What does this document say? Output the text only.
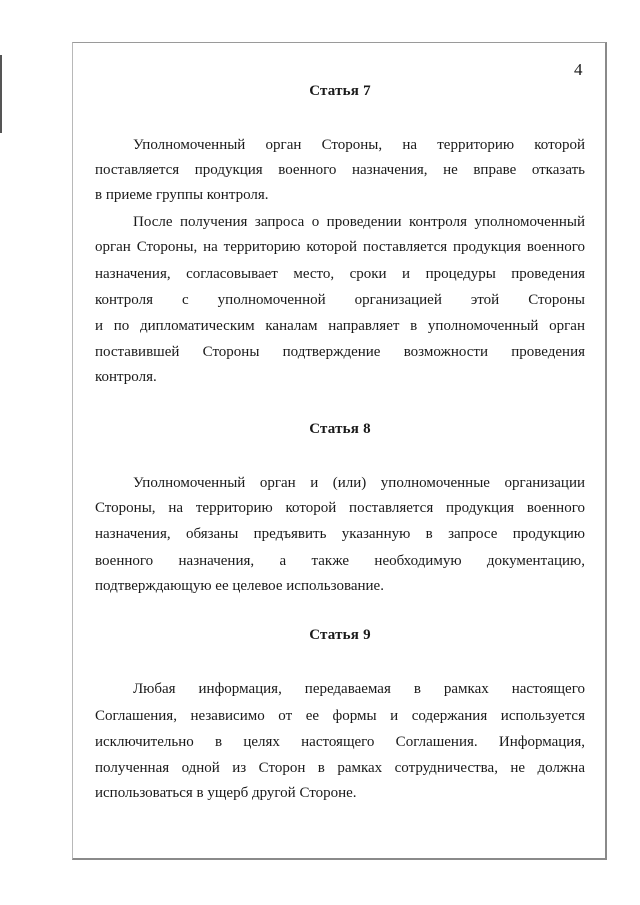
4
Статья 7
Уполномоченный орган Стороны, на территорию которой
поставляется продукция военного назначения, не вправе отказать
в приеме группы контроля.
После получения запроса о проведении контроля уполномоченный
орган Стороны, на территорию которой поставляется продукция военного
назначения, согласовывает место, сроки и процедуры проведения
контроля с уполномоченной организацией этой Стороны
и по дипломатическим каналам направляет в уполномоченный орган
поставившей Стороны подтверждение возможности проведения
контроля.
Статья 8
Уполномоченный орган и (или) уполномоченные организации
Стороны, на территорию которой поставляется продукция военного
назначения, обязаны предъявить указанную в запросе продукцию
военного назначения, а также необходимую документацию,
подтверждающую ее целевое использование.
Статья 9
Любая информация, передаваемая в рамках настоящего
Соглашения, независимо от ее формы и содержания используется
исключительно в целях настоящего Соглашения. Информация,
полученная одной из Сторон в рамках сотрудничества, не должна
использоваться в ущерб другой Стороне.
